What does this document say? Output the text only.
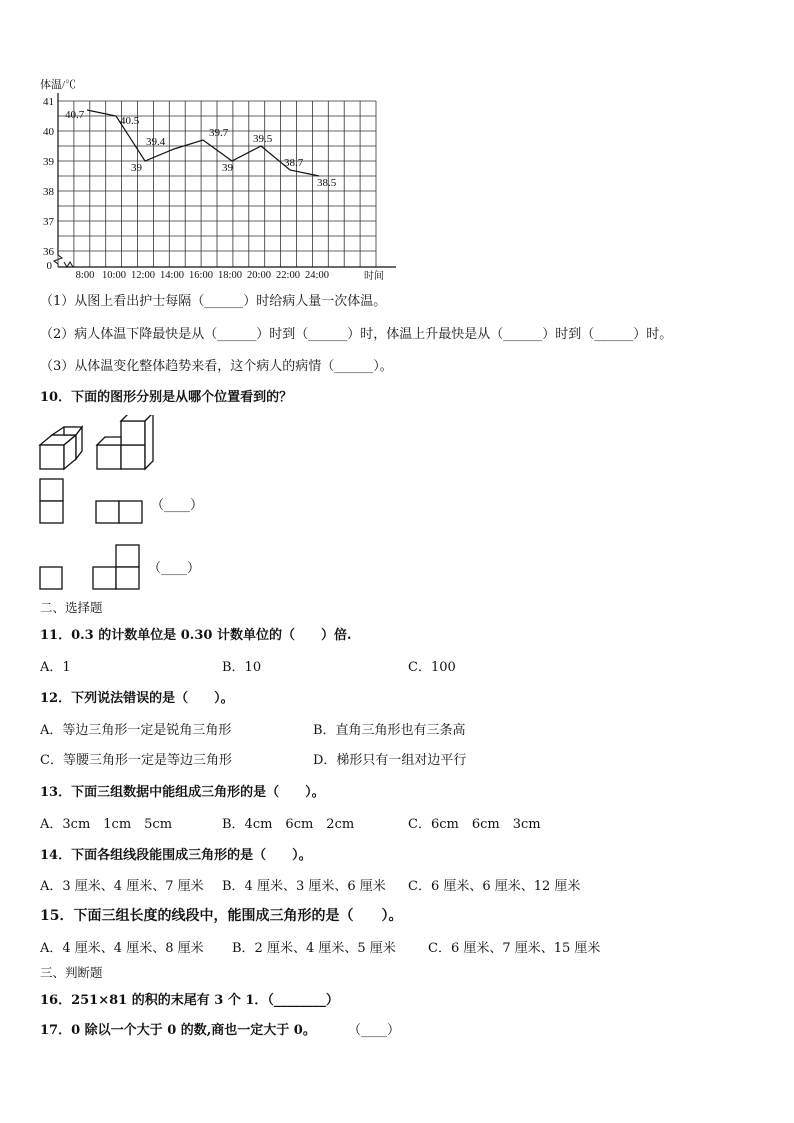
41
40
39
38
37
36
0
8:00 10:00 12:00 14:00 16:00 18:00 20:00 22:00 24:00
40.7	40.5
39
39.4
39.7
39
39.5
38.7
38.5
体温/℃
时间
（1）从图上看出护士每隔（______）时给病人量一次体温。
（2）病人体温下降最快是从（______）时到（______）时，体温上升最快是从（______）时到（______）时。
（3）从体温变化整体趋势来看，这个病人的病情（______）。
10．下面的图形分别是从哪个位置看到的？
（____）
（____）
二、选择题
11．0.3 的计数单位是 0.30 计数单位的（　　）倍.
A．1	B．10	C．100
12．下列说法错误的是（　　）。
A．等边三角形一定是锐角三角形	B．直角三角形也有三条高
C．等腰三角形一定是等边三角形	D．梯形只有一组对边平行
13．下面三组数据中能组成三角形的是（　　）。
A．3cm　1cm　5cm	B．4cm　6cm　2cm	C．6cm　6cm　3cm
14．下面各组线段能围成三角形的是（　　）。
A．3 厘米、4 厘米、7 厘米 B．4 厘米、3 厘米、6 厘米 C．6 厘米、6 厘米、12 厘米
15．下面三组长度的线段中，能围成三角形的是（　　）。
A．4 厘米、4 厘米、8 厘米 B．2 厘米、4 厘米、5 厘米 C．6 厘米、7 厘米、15 厘米
三、判断题
16．251×81 的积的末尾有 3 个 1．（________）
17．0 除以一个大于 0 的数,商也一定大于 0。 （____）
